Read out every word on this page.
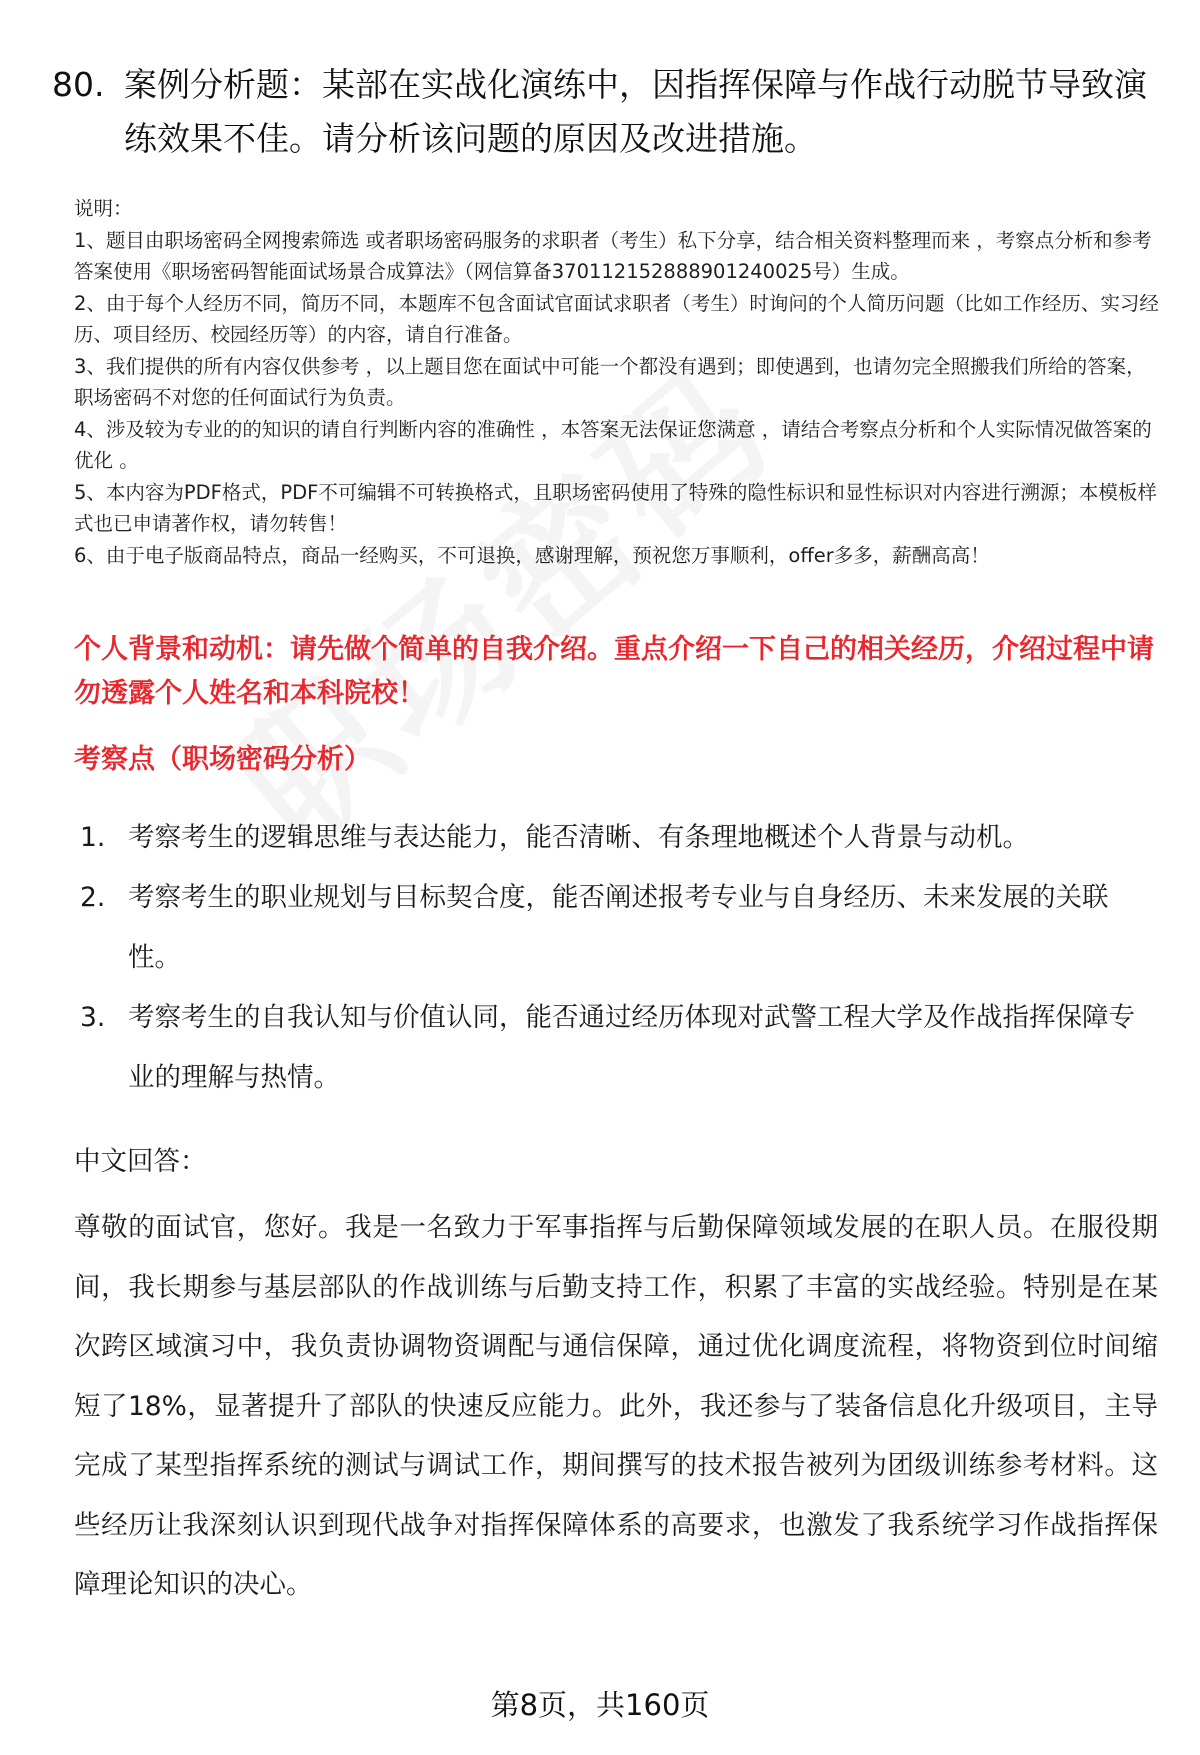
80. 案例分析题：某部在实战化演练中，因指挥保障与作战行动脱节导致演练效果不佳。请分析该问题的原因及改进措施。

说明：

1、题目由职场密码全网搜索筛选 或者职场密码服务的求职者（考生）私下分享，结合相关资料整理而来 ，考察点分析和参考答案使用《职场密码智能面试场景合成算法》（网信算备370112152888901240025号）生成。

2、由于每个人经历不同，简历不同，本题库不包含面试官面试求职者（考生）时询问的个人简历问题（比如工作经历、实习经历、项目经历、校园经历等）的内容，请自行准备。

3、我们提供的所有内容仅供参考 ，以上题目您在面试中可能一个都没有遇到；即使遇到，也请勿完全照搬我们所给的答案，职场密码不对您的任何面试行为负责。

4、涉及较为专业的的知识的请自行判断内容的准确性 ，本答案无法保证您满意 ，请结合考察点分析和个人实际情况做答案的优化 。

5、本内容为PDF格式，PDF不可编辑不可转换格式，且职场密码使用了特殊的隐性标识和显性标识对内容进行溯源；本模板样式也已申请著作权，请勿转售！

6、由于电子版商品特点，商品一经购买，不可退换，感谢理解，预祝您万事顺利，offer多多，薪酬高高！

个人背景和动机：请先做个简单的自我介绍。重点介绍一下自己的相关经历，介绍过程中请勿透露个人姓名和本科院校！
考察点（职场密码分析）
1. 考察考生的逻辑思维与表达能力，能否清晰、有条理地概述个人背景与动机。
2. 考察考生的职业规划与目标契合度，能否阐述报考专业与自身经历、未来发展的关联性。
3. 考察考生的自我认知与价值认同，能否通过经历体现对武警工程大学及作战指挥保障专业的理解与热情。
中文回答：

尊敬的面试官，您好。我是一名致力于军事指挥与后勤保障领域发展的在职人员。在服役期间，我长期参与基层部队的作战训练与后勤支持工作，积累了丰富的实战经验。特别是在某次跨区域演习中，我负责协调物资调配与通信保障，通过优化调度流程，将物资到位时间缩短了18%，显著提升了部队的快速反应能力。此外，我还参与了装备信息化升级项目，主导完成了某型指挥系统的测试与调试工作，期间撰写的技术报告被列为团级训练参考材料。这些经历让我深刻认识到现代战争对指挥保障体系的高要求，也激发了我系统学习作战指挥保障理论知识的决心。

第8页，共160页
